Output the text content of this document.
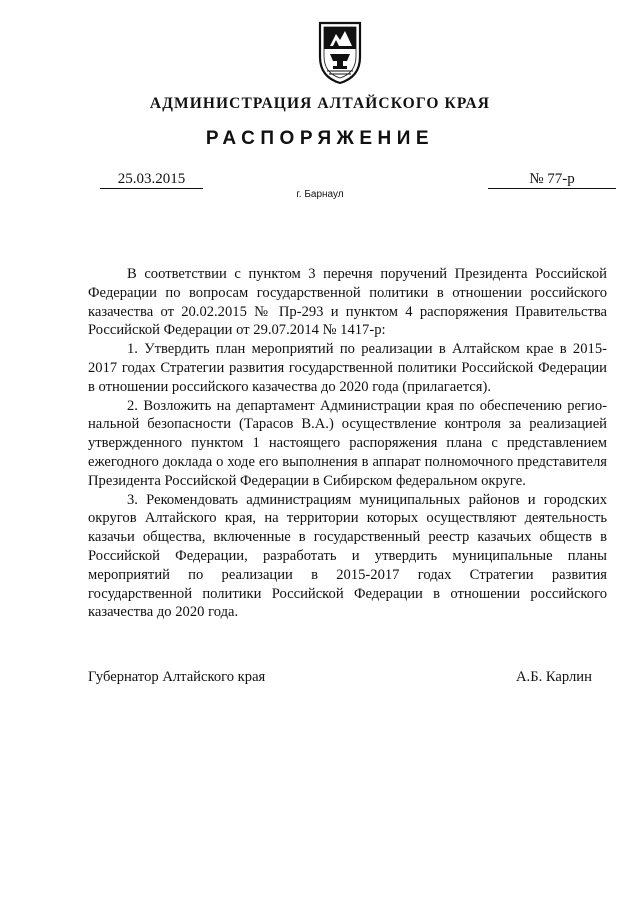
АДМИНИСТРАЦИЯ АЛТАЙСКОГО КРАЯ
РАСПОРЯЖЕНИЕ
25.03.2015	№ 77-р
г. Барнаул

В соответствии с пунктом 3 перечня поручений Президента Российской Федерации по вопросам государственной политики в отношении российского казачества от 20.02.2015 № Пр-293 и пунктом 4 распоряжения Правительства Российской Федерации от 29.07.2014 № 1417-р:

1. Утвердить план мероприятий по реализации в Алтайском крае в 2015-2017 годах Стратегии развития государственной политики Российской Федерации в отношении российского казачества до 2020 года (прилагается).

2. Возложить на департамент Администрации края по обеспечению региональной безопасности (Тарасов В.А.) осуществление контроля за реализацией утвержденного пунктом 1 настоящего распоряжения плана с представлением ежегодного доклада о ходе его выполнения в аппарат полномочного представителя Президента Российской Федерации в Сибирском федеральном округе.

3. Рекомендовать администрациям муниципальных районов и городских округов Алтайского края, на территории которых осуществляют деятельность казачьи общества, включенные в государственный реестр казачьих обществ в Российской Федерации, разработать и утвердить муниципальные планы мероприятий по реализации в 2015-2017 годах Стратегии развития государственной политики Российской Федерации в отношении российского казачества до 2020 года.

Губернатор Алтайского края	А.Б. Карлин
